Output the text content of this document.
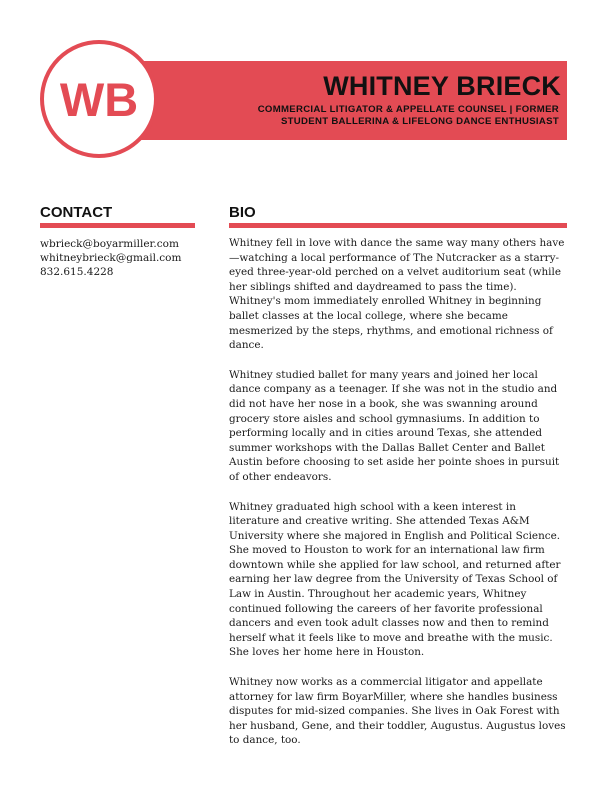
WB	WHITNEY BRIECK
COMMERCIAL LITIGATOR & APPELLATE COUNSEL | FORMER STUDENT BALLERINA & LIFELONG DANCE ENTHUSIAST
CONTACT
wbrieck@boyarmiller.com
whitneybrieck@gmail.com
832.615.4228
BIO

Whitney fell in love with dance the same way many others have—watching a local performance of The Nutcracker as a starry-eyed three-year-old perched on a velvet auditorium seat (while her siblings shifted and daydreamed to pass the time). Whitney's mom immediately enrolled Whitney in beginning ballet classes at the local college, where she became mesmerized by the steps, rhythms, and emotional richness of dance.

Whitney studied ballet for many years and joined her local dance company as a teenager. If she was not in the studio and did not have her nose in a book, she was swanning around grocery store aisles and school gymnasiums. In addition to performing locally and in cities around Texas, she attended summer workshops with the Dallas Ballet Center and Ballet Austin before choosing to set aside her pointe shoes in pursuit of other endeavors.

Whitney graduated high school with a keen interest in literature and creative writing. She attended Texas A&M University where she majored in English and Political Science. She moved to Houston to work for an international law firm downtown while she applied for law school, and returned after earning her law degree from the University of Texas School of Law in Austin. Throughout her academic years, Whitney continued following the careers of her favorite professional dancers and even took adult classes now and then to remind herself what it feels like to move and breathe with the music. She loves her home here in Houston.

Whitney now works as a commercial litigator and appellate attorney for law firm BoyarMiller, where she handles business disputes for mid-sized companies. She lives in Oak Forest with her husband, Gene, and their toddler, Augustus. Augustus loves to dance, too.
